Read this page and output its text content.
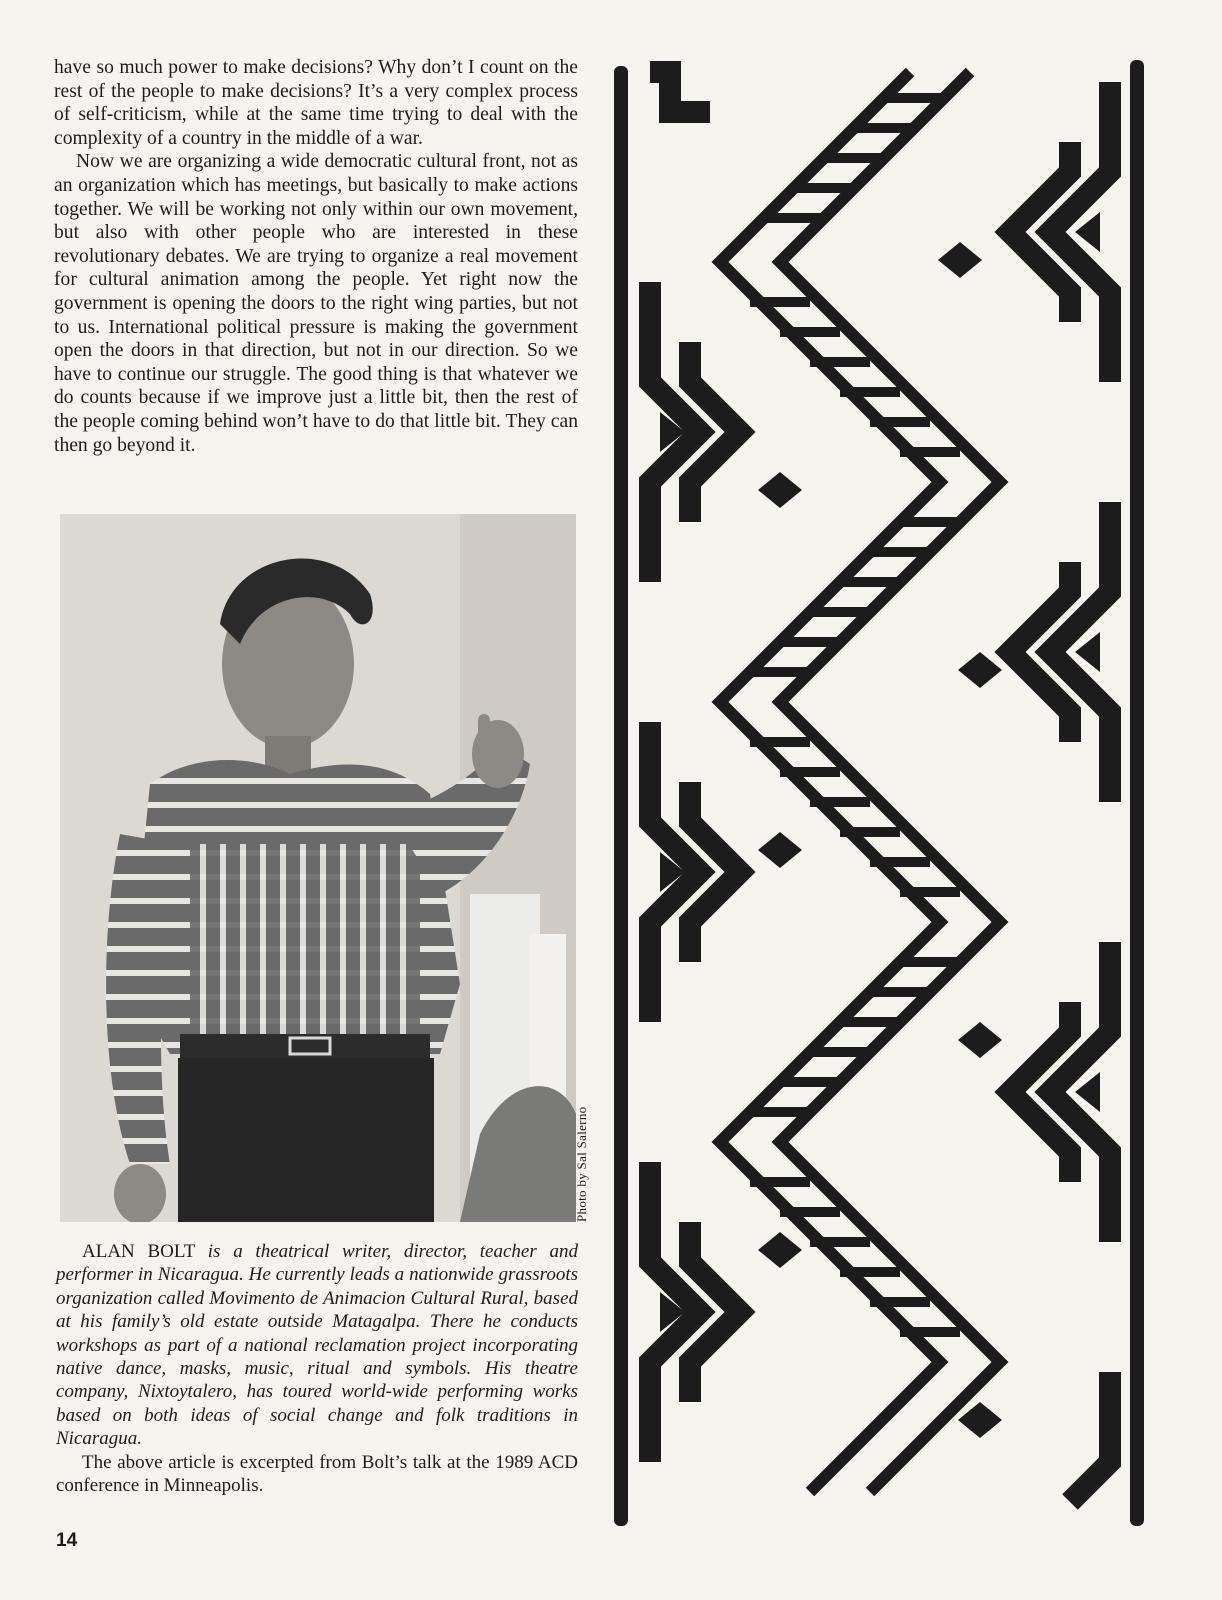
have so much power to make decisions? Why don’t I count on the rest of the people to make decisions? It’s a very complex process of self-criticism, while at the same time trying to deal with the complexity of a country in the middle of a war.

Now we are organizing a wide democratic cultural front, not as an organization which has meetings, but basically to make actions together. We will be working not only within our own movement, but also with other people who are interested in these revolutionary debates. We are trying to organize a real movement for cultural animation among the people. Yet right now the government is opening the doors to the right wing parties, but not to us. International political pressure is making the government open the doors in that direction, but not in our direction. So we have to continue our struggle. The good thing is that whatever we do counts because if we improve just a little bit, then the rest of the people coming behind won’t have to do that little bit. They can then go beyond it.

Photo by Sal Salerno

ALAN BOLT is a theatrical writer, director, teacher and performer in Nicaragua. He currently leads a nationwide grassroots organization called Movimento de Animacion Cultural Rural, based at his family’s old estate outside Matagalpa. There he conducts workshops as part of a national reclamation project incorporating native dance, masks, music, ritual and symbols. His theatre company, Nixtoytalero, has toured world-wide performing works based on both ideas of social change and folk traditions in Nicaragua.

The above article is excerpted from Bolt’s talk at the 1989 ACD conference in Minneapolis.

14
